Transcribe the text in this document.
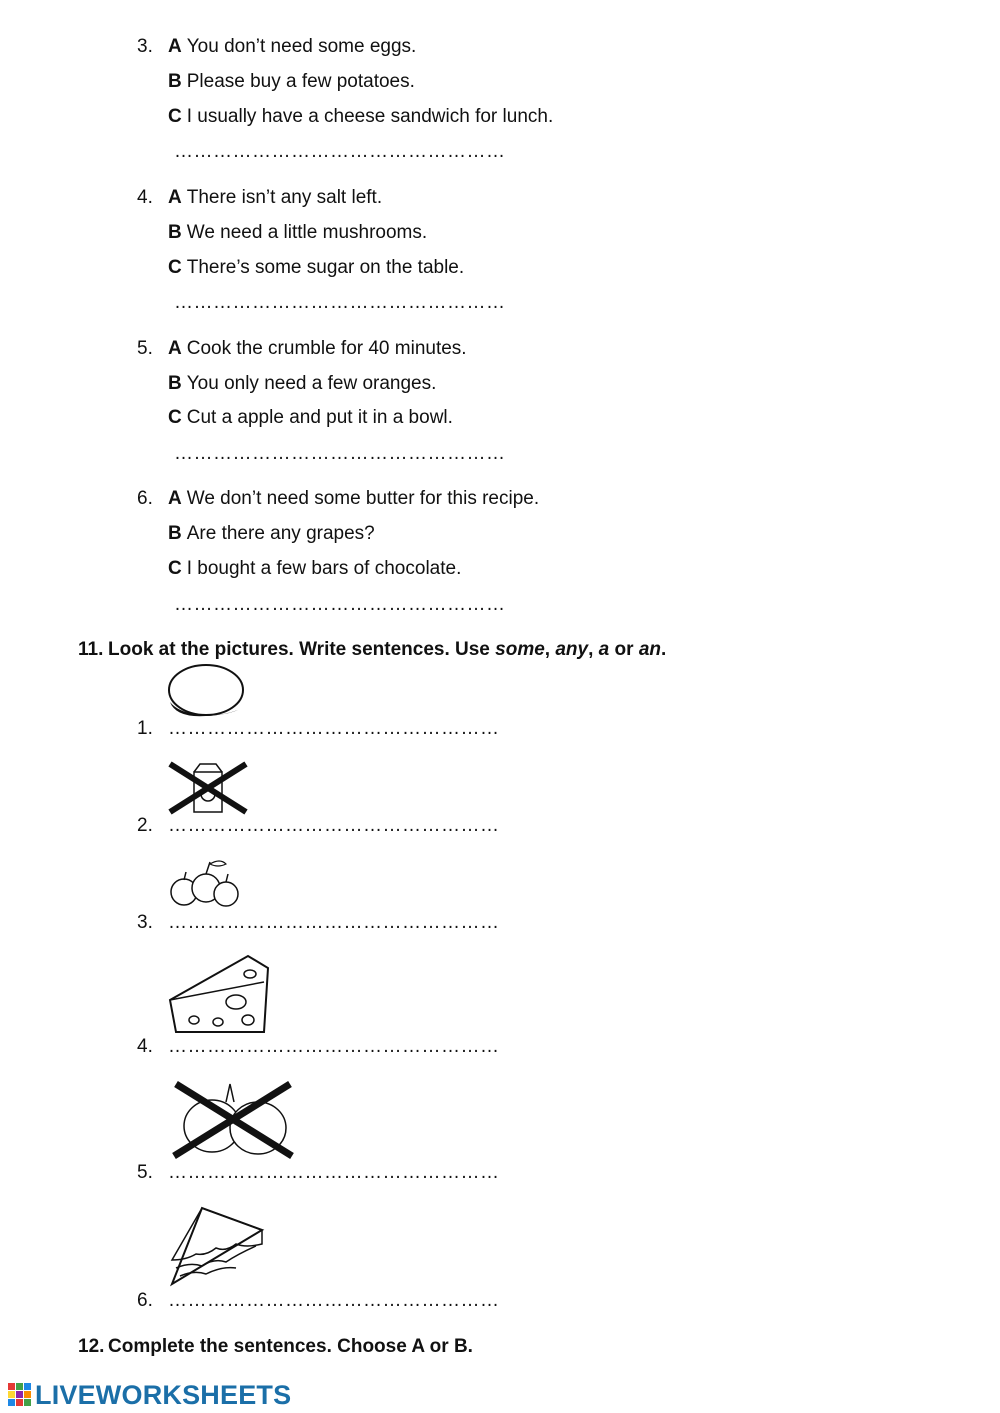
3. A You don’t need some eggs.
B Please buy a few potatoes.
C I usually have a cheese sandwich for lunch.
……………………………………………
4. A There isn’t any salt left.
B We need a little mushrooms.
C There’s some sugar on the table.
……………………………………………
5. A Cook the crumble for 40 minutes.
B You only need a few oranges.
C Cut a apple and put it in a bowl.
……………………………………………
6. A We don’t need some butter for this recipe.
B Are there any grapes?
C I bought a few bars of chocolate.
……………………………………………
11. Look at the pictures. Write sentences. Use some, any, a or an.
1. ……………………………………………
2. ……………………………………………
3. ……………………………………………
4. ……………………………………………
5. ……………………………………………
6. ……………………………………………
12. Complete the sentences. Choose A or B.
LIVEWORKSHEETS
